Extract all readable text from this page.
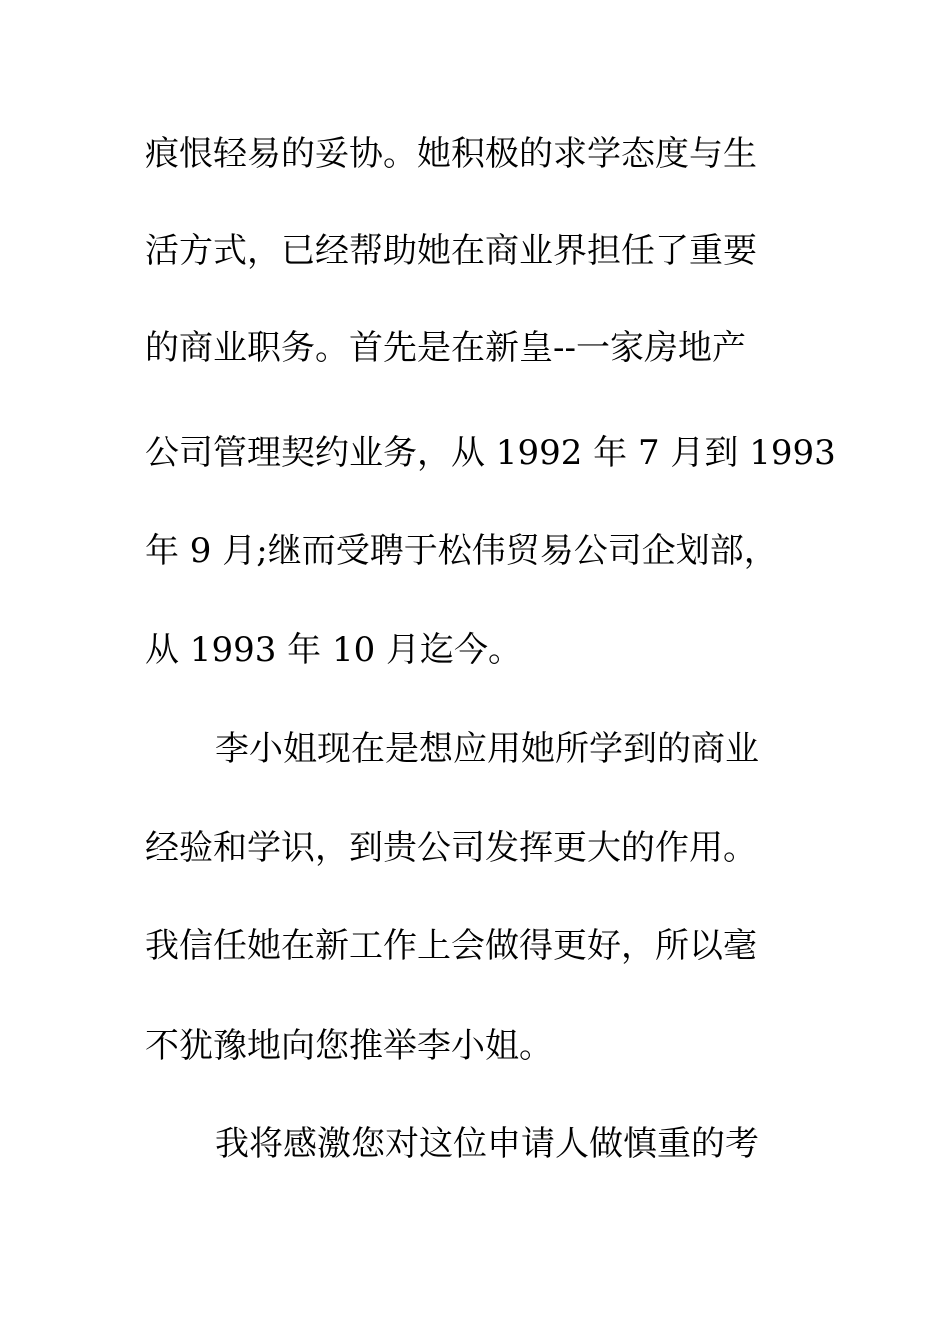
痕恨轻易的妥协。她积极的求学态度与生
活方式，已经帮助她在商业界担任了重要
的商业职务。首先是在新皇--一家房地产
公司管理契约业务，从 1992 年 7 月到 1993
年 9 月;继而受聘于松伟贸易公司企划部，
从 1993 年 10 月迄今。
李小姐现在是想应用她所学到的商业
经验和学识，到贵公司发挥更大的作用。
我信任她在新工作上会做得更好，所以毫
不犹豫地向您推举李小姐。
我将感激您对这位申请人做慎重的考
